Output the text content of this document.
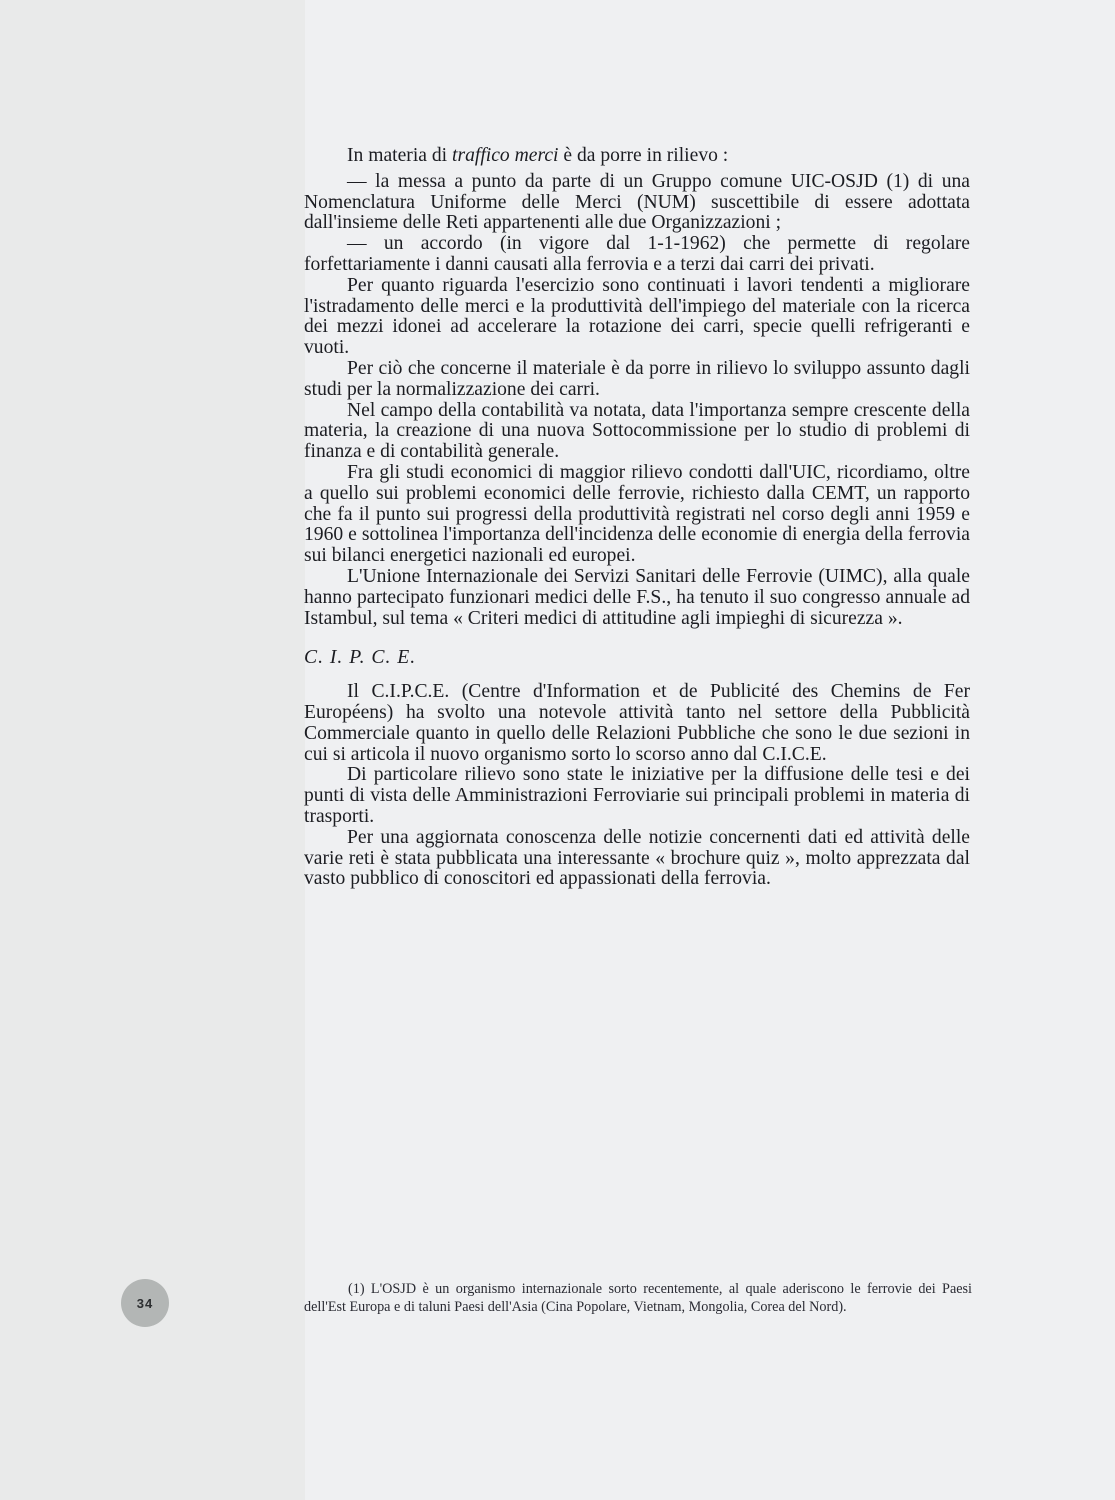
In materia di traffico merci è da porre in rilievo :

— la messa a punto da parte di un Gruppo comune UIC-OSJD (1) di una Nomenclatura Uniforme delle Merci (NUM) suscettibile di essere adottata dall'insieme delle Reti appartenenti alle due Organizzazioni ;

— un accordo (in vigore dal 1-1-1962) che permette di regolare forfettariamente i danni causati alla ferrovia e a terzi dai carri dei privati.

Per quanto riguarda l'esercizio sono continuati i lavori tendenti a migliorare l'istradamento delle merci e la produttività dell'impiego del materiale con la ricerca dei mezzi idonei ad accelerare la rotazione dei carri, specie quelli refrigeranti e vuoti.

Per ciò che concerne il materiale è da porre in rilievo lo sviluppo assunto dagli studi per la normalizzazione dei carri.

Nel campo della contabilità va notata, data l'importanza sempre crescente della materia, la creazione di una nuova Sottocommissione per lo studio di problemi di finanza e di contabilità generale.

Fra gli studi economici di maggior rilievo condotti dall'UIC, ricordiamo, oltre a quello sui problemi economici delle ferrovie, richiesto dalla CEMT, un rapporto che fa il punto sui progressi della produttività registrati nel corso degli anni 1959 e 1960 e sottolinea l'importanza dell'incidenza delle economie di energia della ferrovia sui bilanci energetici nazionali ed europei.

L'Unione Internazionale dei Servizi Sanitari delle Ferrovie (UIMC), alla quale hanno partecipato funzionari medici delle F.S., ha tenuto il suo congresso annuale ad Istambul, sul tema « Criteri medici di attitudine agli impieghi di sicurezza ».

C. I. P. C. E.

Il C.I.P.C.E. (Centre d'Information et de Publicité des Chemins de Fer Européens) ha svolto una notevole attività tanto nel settore della Pubblicità Commerciale quanto in quello delle Relazioni Pubbliche che sono le due sezioni in cui si articola il nuovo organismo sorto lo scorso anno dal C.I.C.E.

Di particolare rilievo sono state le iniziative per la diffusione delle tesi e dei punti di vista delle Amministrazioni Ferroviarie sui principali problemi in materia di trasporti.

Per una aggiornata conoscenza delle notizie concernenti dati ed attività delle varie reti è stata pubblicata una interessante « brochure quiz », molto apprezzata dal vasto pubblico di conoscitori ed appassionati della ferrovia.

34

(1) L'OSJD è un organismo internazionale sorto recentemente, al quale aderiscono le ferrovie dei Paesi dell'Est Europa e di taluni Paesi dell'Asia (Cina Popolare, Vietnam, Mongolia, Corea del Nord).
